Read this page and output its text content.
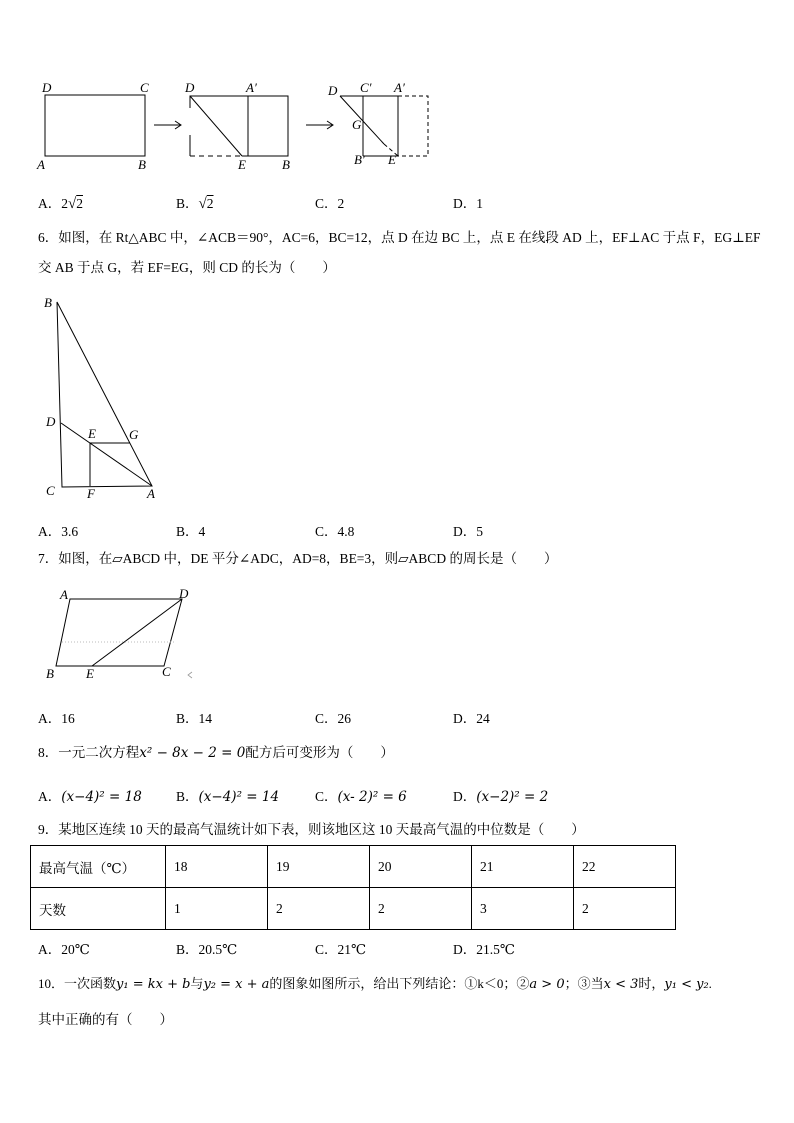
D	C
A	B
D	A′
E	B
D C′ A′
G
B′ E
A．2√2	B．√2	C．2	D．1
6．如图，在 Rt△ABC 中，∠ACB＝90°，AC=6，BC=12，点 D 在边 BC 上，点 E 在线段 AD 上，EF⊥AC 于点 F，EG⊥EF
交 AB 于点 G，若 EF=EG，则 CD 的长为（　　）
B
D
E	G
C F	A
A．3.6	B．4	C．4.8	D．5
7．如图，在▱ABCD 中，DE 平分∠ADC，AD=8，BE=3，则▱ABCD 的周长是（　　）
A	D
B E	C
A．16	B．14	C．26	D．24
8．一元二次方程x² − 8x − 2 = 0配方后可变形为（　　）
A．(x−4)² = 18	B．(x−4)² = 14	C．(x- 2)² = 6	D．(x−2)² = 2
9．某地区连续 10 天的最高气温统计如下表，则该地区这 10 天最高气温的中位数是（　　）
最高气温（℃）	18	19	20	21	22
天数	1	2	2	3	2
A．20℃	B．20.5℃	C．21℃	D．21.5℃
10．一次函数y₁ = kx + b与y₂ = x + a的图象如图所示，给出下列结论：①k＜0；②a > 0；③当x < 3时，y₁ < y₂.
其中正确的有（　　）
